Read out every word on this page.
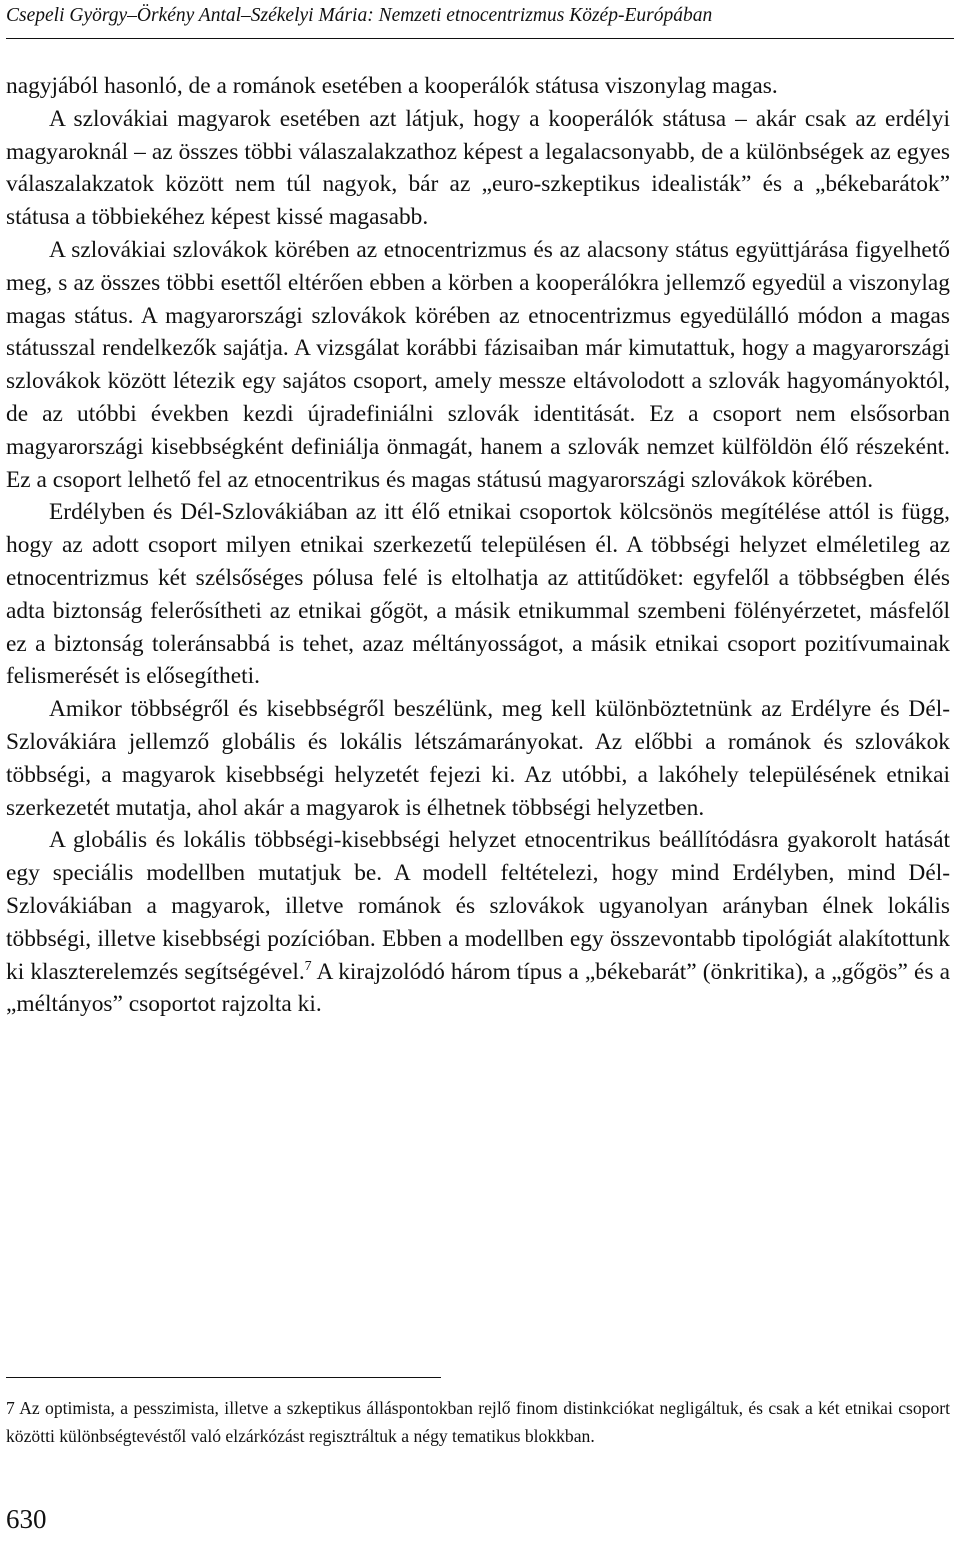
Csepeli György–Örkény Antal–Székelyi Mária: Nemzeti etnocentrizmus Közép-Európában

nagyjából hasonló, de a románok esetében a kooperálók státusa viszonylag magas.

A szlovákiai magyarok esetében azt látjuk, hogy a kooperálók státusa – akár csak az erdélyi magyaroknál – az összes többi válaszalakzathoz képest a legalacsonyabb, de a különbségek az egyes válaszalakzatok között nem túl nagyok, bár az „euro-szkeptikus idealisták” és a „békebarátok” státusa a többiekéhez képest kissé magasabb.

A szlovákiai szlovákok körében az etnocentrizmus és az alacsony státus együttjárása figyelhető meg, s az összes többi esettől eltérően ebben a körben a kooperálókra jellemző egyedül a viszonylag magas státus. A magyarországi szlovákok körében az etnocentrizmus egyedülálló módon a magas státusszal rendelkezők sajátja. A vizsgálat korábbi fázisaiban már kimutattuk, hogy a magyarországi szlovákok között létezik egy sajátos csoport, amely messze eltávolodott a szlovák hagyományoktól, de az utóbbi években kezdi újradefiniálni szlovák identitását. Ez a csoport nem elsősorban magyarországi kisebbségként definiálja önmagát, hanem a szlovák nemzet külföldön élő részeként. Ez a csoport lelhető fel az etnocentrikus és magas státusú magyarországi szlovákok körében.

Erdélyben és Dél-Szlovákiában az itt élő etnikai csoportok kölcsönös megítélése attól is függ, hogy az adott csoport milyen etnikai szerkezetű településen él. A többségi helyzet elméletileg az etnocentrizmus két szélsőséges pólusa felé is eltolhatja az attitűdöket: egyfelől a többségben élés adta biztonság felerősítheti az etnikai gőgöt, a másik etnikummal szembeni fölényérzetet, másfelől ez a biztonság toleránsabbá is tehet, azaz méltányosságot, a másik etnikai csoport pozitívumainak felismerését is elősegítheti.

Amikor többségről és kisebbségről beszélünk, meg kell különböztetnünk az Erdélyre és Dél-Szlovákiára jellemző globális és lokális létszámarányokat. Az előbbi a románok és szlovákok többségi, a magyarok kisebbségi helyzetét fejezi ki. Az utóbbi, a lakóhely településének etnikai szerkezetét mutatja, ahol akár a magyarok is élhetnek többségi helyzetben.

A globális és lokális többségi-kisebbségi helyzet etnocentrikus beállítódásra gyakorolt hatását egy speciális modellben mutatjuk be. A modell feltételezi, hogy mind Erdélyben, mind Dél-Szlovákiában a magyarok, illetve románok és szlovákok ugyanolyan arányban élnek lokális többségi, illetve kisebbségi pozícióban. Ebben a modellben egy összevontabb tipológiát alakítottunk ki klaszterelemzés segítségével.$^7$ A kirajzolódó három típus a „békebarát” (önkritika), a „gőgös” és a „méltányos” csoportot rajzolta ki.

7 Az optimista, a pesszimista, illetve a szkeptikus álláspontokban rejlő finom distinkciókat negligáltuk, és csak a két etnikai csoport közötti különbségtevéstől való elzárkózást regisztráltuk a négy tematikus blokkban.

630
